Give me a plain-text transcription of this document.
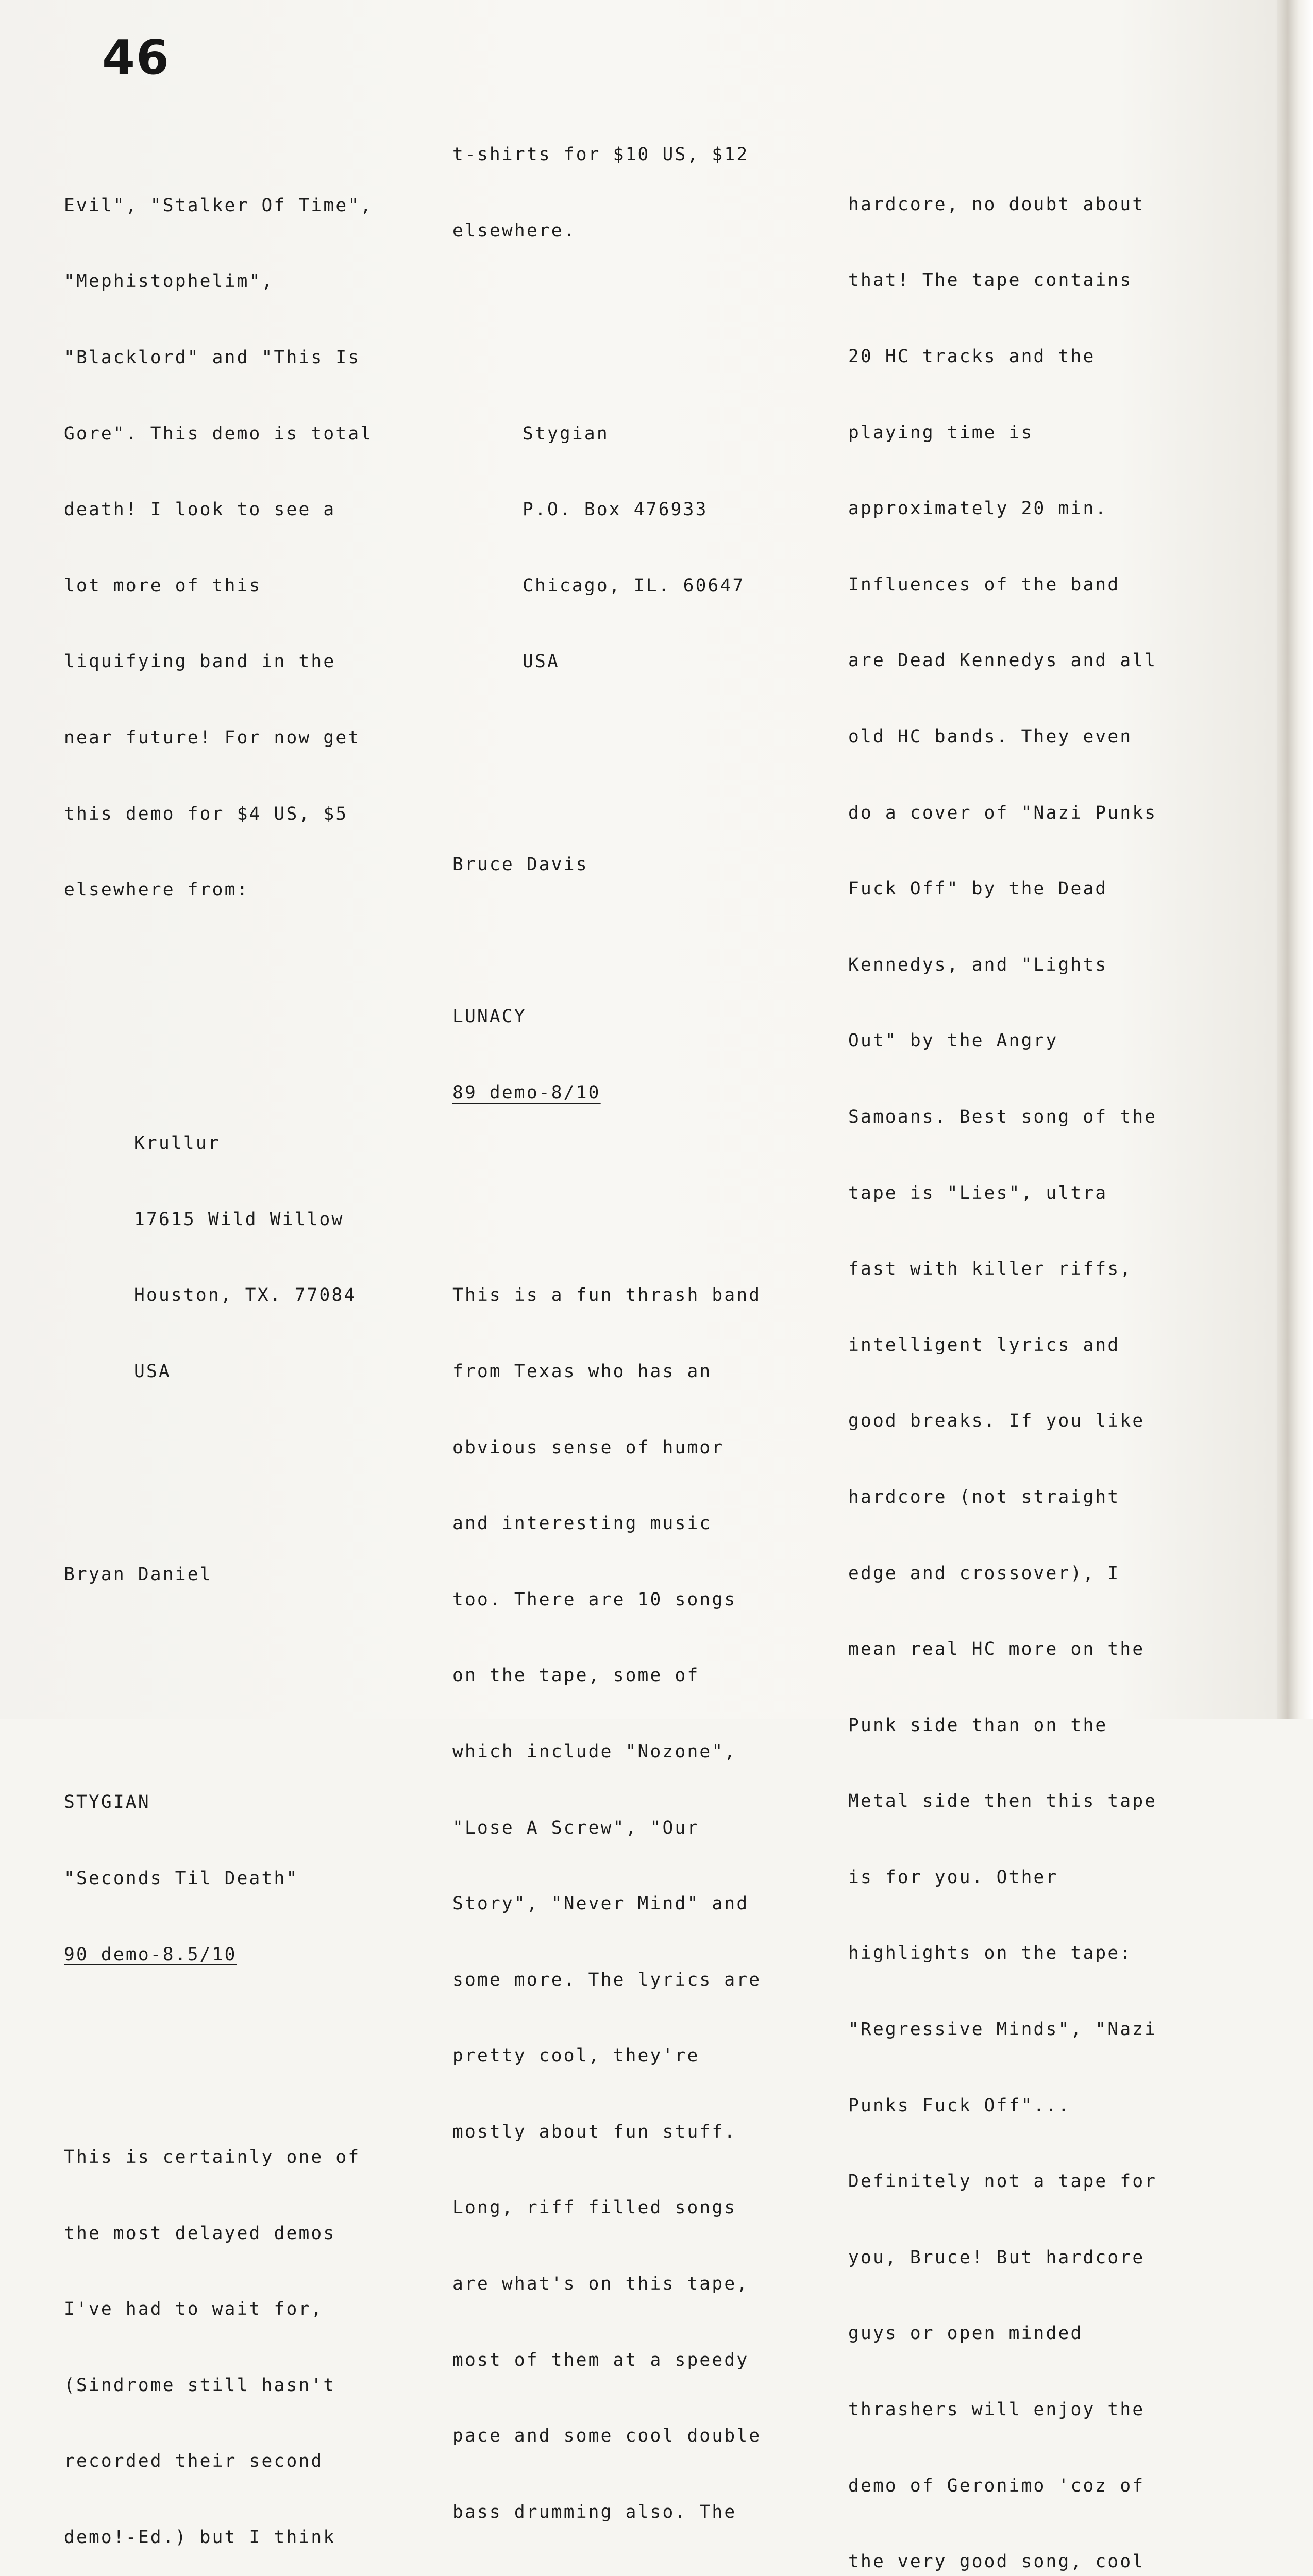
46

Evil", "Stalker Of Time",

"Mephistophelim",

"Blacklord" and "This Is

Gore". This demo is total

death! I look to see a

lot more of this

liquifying band in the

near future! For now get

this demo for $4 US, $5

elsewhere from:

Krullur

17615 Wild Willow

Houston, TX. 77084

USA

Bryan Daniel

STYGIAN

"Seconds Til Death"

90 demo-8.5/10

This is certainly one of

the most delayed demos

I've had to wait for,

(Sindrome still hasn't

recorded their second

demo!-Ed.) but I think

t-shirts for $10 US, $12

elsewhere.

Stygian

P.O. Box 476933

Chicago, IL. 60647

USA

Bruce Davis

LUNACY

89 demo-8/10

This is a fun thrash band

from Texas who has an

obvious sense of humor

and interesting music

too. There are 10 songs

on the tape, some of

which include "Nozone",

"Lose A Screw", "Our

Story", "Never Mind" and

some more. The lyrics are

pretty cool, they're

mostly about fun stuff.

Long, riff filled songs

are what's on this tape,

most of them at a speedy

pace and some cool double

bass drumming also. The

hardcore, no doubt about

that! The tape contains

20 HC tracks and the

playing time is

approximately 20 min.

Influences of the band

are Dead Kennedys and all

old HC bands. They even

do a cover of "Nazi Punks

Fuck Off" by the Dead

Kennedys, and "Lights

Out" by the Angry

Samoans. Best song of the

tape is "Lies", ultra

fast with killer riffs,

intelligent lyrics and

good breaks. If you like

hardcore (not straight

edge and crossover), I

mean real HC more on the

Punk side than on the

Metal side then this tape

is for you. Other

highlights on the tape:

"Regressive Minds", "Nazi

Punks Fuck Off"...

Definitely not a tape for

you, Bruce! But hardcore

guys or open minded

thrashers will enjoy the

demo of Geronimo 'coz of

the very good song, cool
